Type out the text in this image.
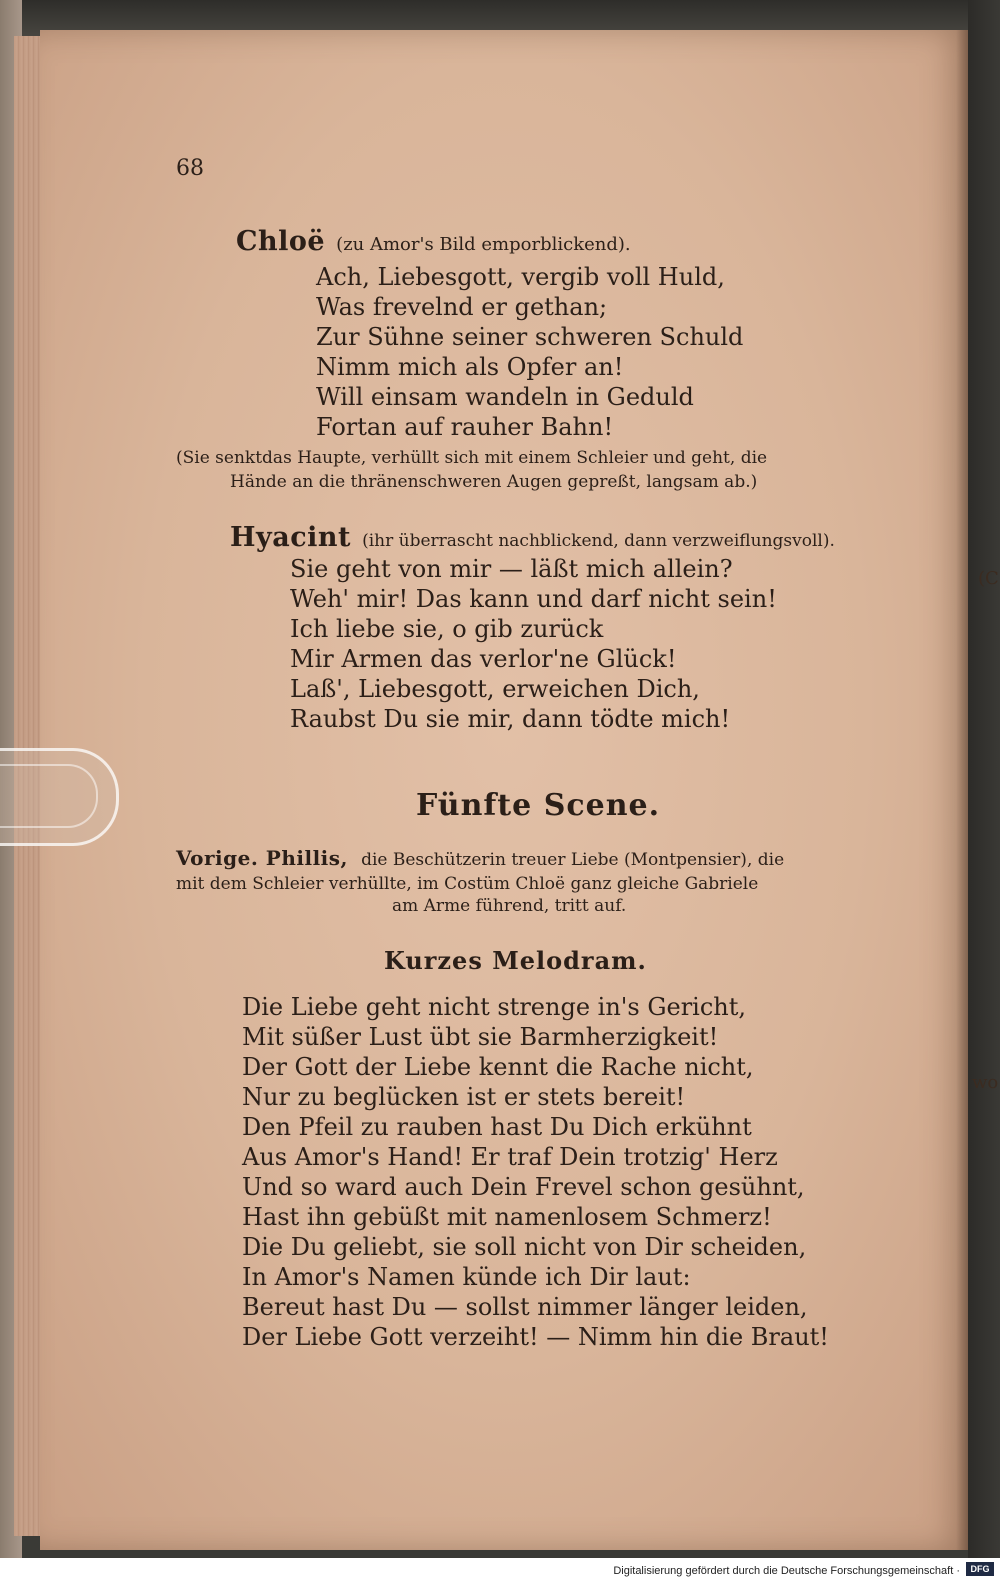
(C
wo
68
Chloë (zu Amor's Bild emporblickend).
Ach, Liebesgott, vergib voll Huld,
Was frevelnd er gethan;
Zur Sühne seiner schweren Schuld
Nimm mich als Opfer an!
Will einsam wandeln in Geduld
Fortan auf rauher Bahn!
(Sie senktdas Haupte, verhüllt sich mit einem Schleier und geht, die
Hände an die thränenschweren Augen gepreßt, langsam ab.)
Hyacint (ihr überrascht nachblickend, dann verzweiflungsvoll).
Sie geht von mir — läßt mich allein?
Weh' mir! Das kann und darf nicht sein!
Ich liebe sie, o gib zurück
Mir Armen das verlor'ne Glück!
Laß', Liebesgott, erweichen Dich,
Raubst Du sie mir, dann tödte mich!
Fünfte Scene.
Vorige. Phillis, die Beschützerin treuer Liebe (Montpensier), die
mit dem Schleier verhüllte, im Costüm Chloë ganz gleiche Gabriele
am Arme führend, tritt auf.
Kurzes Melodram.
Die Liebe geht nicht strenge in's Gericht,
Mit süßer Lust übt sie Barmherzigkeit!
Der Gott der Liebe kennt die Rache nicht,
Nur zu beglücken ist er stets bereit!
Den Pfeil zu rauben hast Du Dich erkühnt
Aus Amor's Hand! Er traf Dein trotzig' Herz
Und so ward auch Dein Frevel schon gesühnt,
Hast ihn gebüßt mit namenlosem Schmerz!
Die Du geliebt, sie soll nicht von Dir scheiden,
In Amor's Namen künde ich Dir laut:
Bereut hast Du — sollst nimmer länger leiden,
Der Liebe Gott verzeiht! — Nimm hin die Braut!
Digitalisierung gefördert durch die Deutsche Forschungsgemeinschaft ·	DFG
